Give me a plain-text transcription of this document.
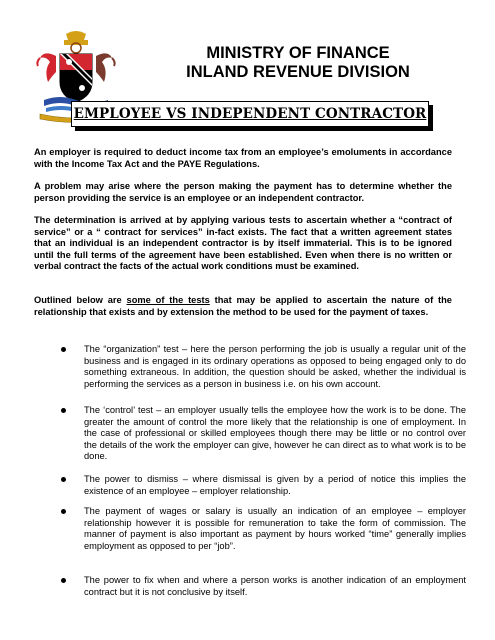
MINISTRY OF FINANCE
INLAND REVENUE DIVISION
EMPLOYEE VS INDEPENDENT CONTRACTOR
An employer is required to deduct income tax from an employee’s emoluments in accordance with the Income Tax Act and the PAYE Regulations.
A problem may arise where the person making the payment has to determine whether the person providing the service is an employee or an independent contractor.
The determination is arrived at by applying various tests to ascertain whether a “contract of service” or a “ contract for services” in-fact exists. The fact that a written agreement states that an individual is an independent contractor is by itself immaterial. This is to be ignored until the full terms of the agreement have been established. Even when there is no written or verbal contract the facts of the actual work conditions must be examined.
Outlined below are some of the tests that may be applied to ascertain the nature of the relationship that exists and by extension the method to be used for the payment of taxes.
The “organization” test – here the person performing the job is usually a regular unit of the business and is engaged in its ordinary operations as opposed to being engaged only to do something extraneous. In addition, the question should be asked, whether the individual is performing the services as a person in business i.e. on his own account.
The ‘control’ test – an employer usually tells the employee how the work is to be done. The greater the amount of control the more likely that the relationship is one of employment. In the case of professional or skilled employees though there may be little or no control over the details of the work the employer can give, however he can direct as to what work is to be done.
The power to dismiss – where dismissal is given by a period of notice this implies the existence of an employee – employer relationship.
The payment of wages or salary is usually an indication of an employee – employer relationship however it is possible for remuneration to take the form of commission. The manner of payment is also important as payment by hours worked “time” generally implies employment as opposed to per “job”.
The power to fix when and where a person works is another indication of an employment contract but it is not conclusive by itself.
